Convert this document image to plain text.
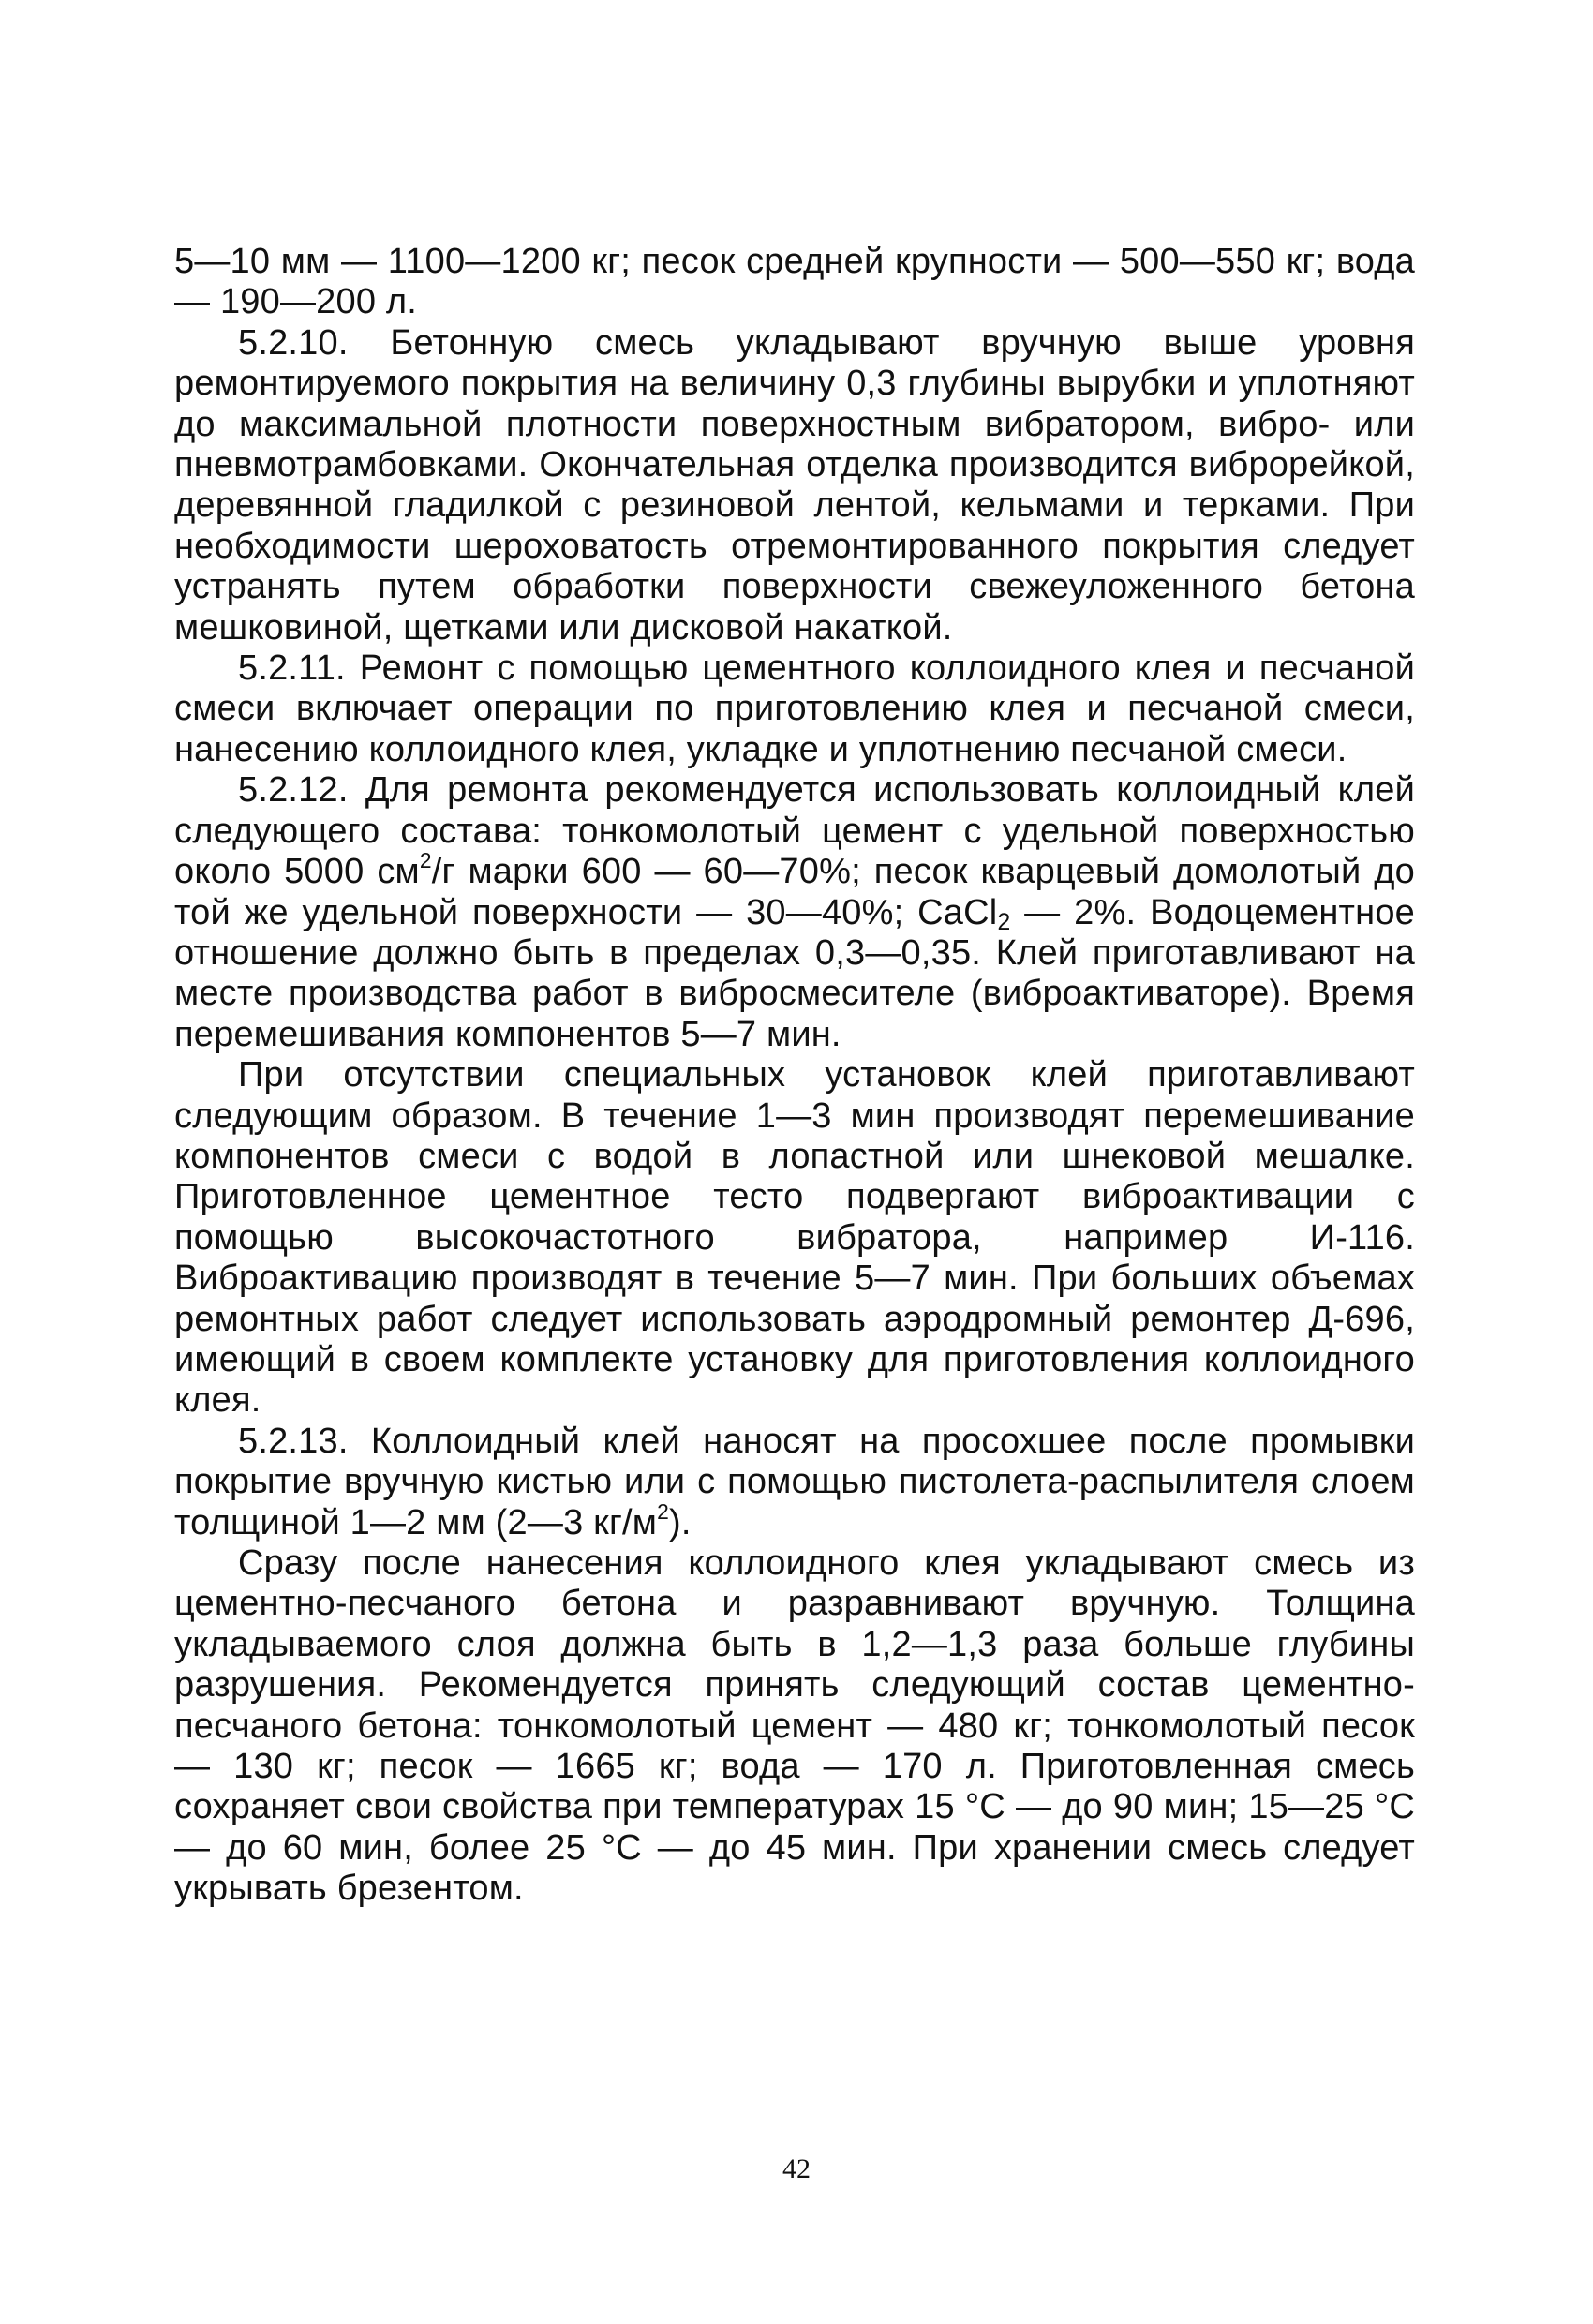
5—10 мм — 1100—1200 кг; песок средней крупности — 500—550 кг; вода — 190—200 л.

5.2.10. Бетонную смесь укладывают вручную выше уровня ремонтируемого покрытия на величину 0,3 глубины вырубки и уплотняют до максимальной плотности поверхностным вибратором, вибро- или пневмотрамбовками. Окончательная отделка производится виброрейкой, деревянной гладилкой с резиновой лентой, кельмами и терками. При необходимости шероховатость отремонтированного покрытия следует устранять путем обработки поверхности свежеуложенного бетона мешковиной, щетками или дисковой накаткой.

5.2.11. Ремонт с помощью цементного коллоидного клея и песчаной смеси включает операции по приготовлению клея и песчаной смеси, нанесению коллоидного клея, укладке и уплотнению песчаной смеси.

5.2.12. Для ремонта рекомендуется использовать коллоидный клей следующего состава: тонкомолотый цемент с удельной поверхностью около 5000 $см^2/г$ марки 600 — 60—70%; песок кварцевый домолотый до той же удельной поверхности — 30—40%; CaCl$_2$ — 2%. Водоцементное отношение должно быть в пределах 0,3—0,35. Клей приготавливают на месте производства работ в вибросмесителе (виброактиваторе). Время перемешивания компонентов 5—7 мин.

При отсутствии специальных установок клей приготавливают следующим образом. В течение 1—3 мин производят перемешивание компонентов смеси с водой в лопастной или шнековой мешалке. Приготовленное цементное тесто подвергают виброактивации с помощью высокочастотного вибратора, например И-116. Виброактивацию производят в течение 5—7 мин. При больших объемах ремонтных работ следует использовать аэродромный ремонтер Д-696, имеющий в своем комплекте установку для приготовления коллоидного клея.

5.2.13. Коллоидный клей наносят на просохшее после промывки покрытие вручную кистью или с помощью пистолета-распылителя слоем толщиной 1—2 мм (2—3 $кг/м^2$).

Сразу после нанесения коллоидного клея укладывают смесь из цементно-песчаного бетона и разравнивают вручную. Толщина укладываемого слоя должна быть в 1,2—1,3 раза больше глубины разрушения. Рекомендуется принять следующий состав цементно-песчаного бетона: тонкомолотый цемент — 480 кг; тонкомолотый песок — 130 кг; песок — 1665 кг; вода — 170 л. Приготовленная смесь сохраняет свои свойства при температурах 15 °С — до 90 мин; 15—25 °С — до 60 мин, более 25 °С — до 45 мин. При хранении смесь следует укрывать брезентом.

42
